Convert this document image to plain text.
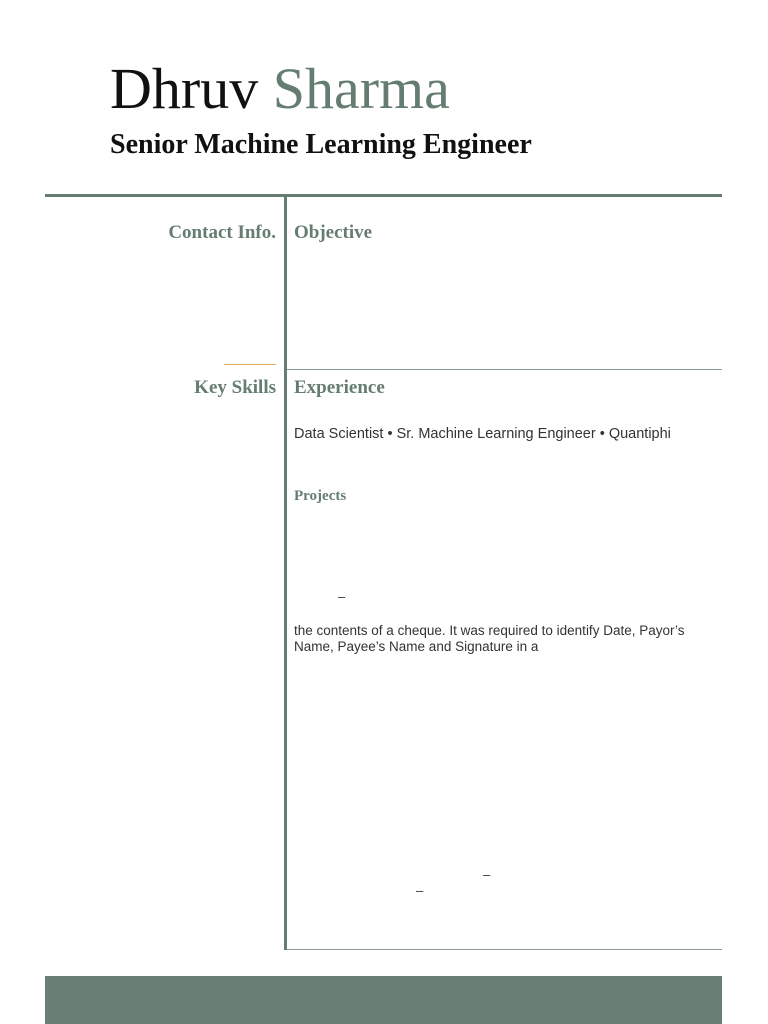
Dhruv Sharma
Senior Machine Learning Engineer
Contact Info.
Key Skills
Objective
Experience
Data Scientist • Sr. Machine Learning Engineer • Quantiphi
Projects
–
the contents of a cheque. It was required to identify Date, Payor’s Name, Payee’s Name and Signature in a
–
–
